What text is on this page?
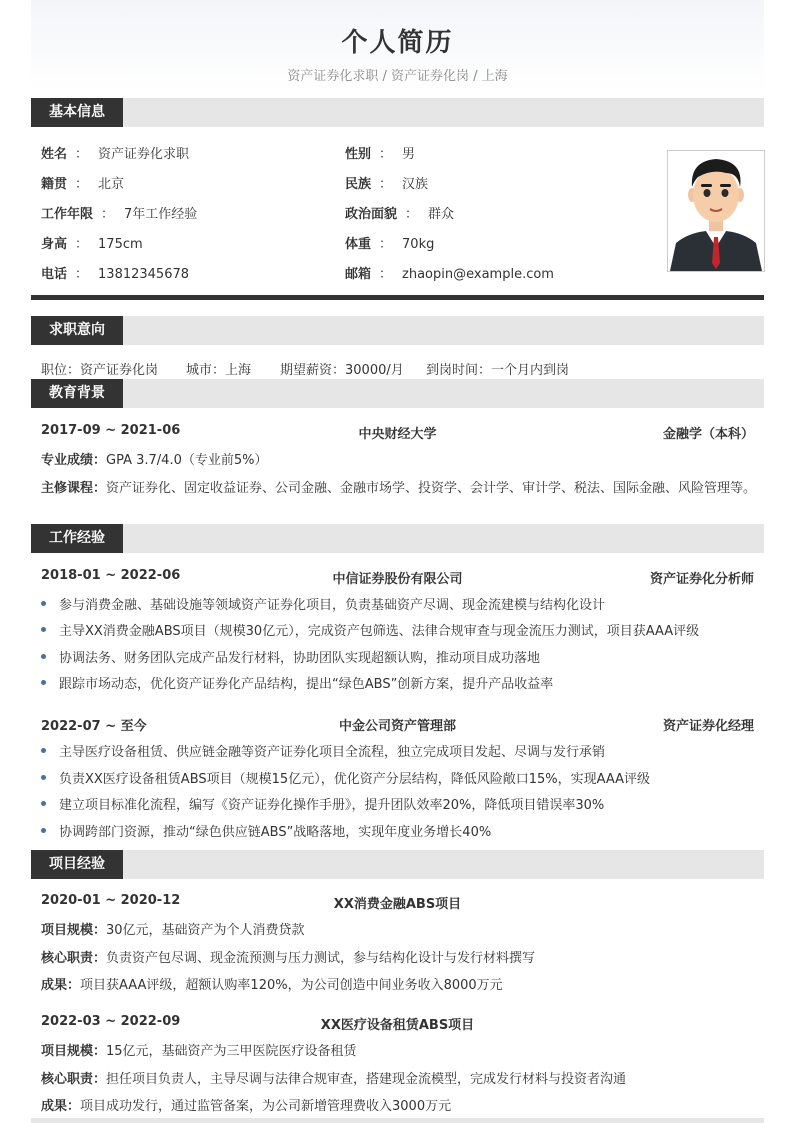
个人简历
资产证券化求职 / 资产证券化岗 / 上海
基本信息
姓名 ： 资产证券化求职	性别 ： 男
籍贯 ： 北京	民族 ： 汉族
工作年限 ： 7年工作经验	政治面貌 ： 群众
身高 ： 175cm	体重 ： 70kg
电话 ： 13812345678	邮箱 ： zhaopin@example.com
求职意向
职位：资产证券化岗 城市：上海 期望薪资：30000/月 到岗时间：一个月内到岗
教育背景
2017-09 ~ 2021-06	中央财经大学	金融学（本科）
专业成绩：GPA 3.7/4.0（专业前5%）
主修课程：资产证券化、固定收益证券、公司金融、金融市场学、投资学、会计学、审计学、税法、国际金融、风险管理等。
工作经验
2018-01 ~ 2022-06	中信证券股份有限公司	资产证券化分析师
参与消费金融、基础设施等领域资产证券化项目，负责基础资产尽调、现金流建模与结构化设计
主导XX消费金融ABS项目（规模30亿元），完成资产包筛选、法律合规审查与现金流压力测试，项目获AAA评级
协调法务、财务团队完成产品发行材料，协助团队实现超额认购，推动项目成功落地
跟踪市场动态，优化资产证券化产品结构，提出“绿色ABS”创新方案，提升产品收益率
2022-07 ~ 至今	中金公司资产管理部	资产证券化经理
主导医疗设备租赁、供应链金融等资产证券化项目全流程，独立完成项目发起、尽调与发行承销
负责XX医疗设备租赁ABS项目（规模15亿元），优化资产分层结构，降低风险敞口15%，实现AAA评级
建立项目标准化流程，编写《资产证券化操作手册》，提升团队效率20%，降低项目错误率30%
协调跨部门资源，推动“绿色供应链ABS”战略落地，实现年度业务增长40%
项目经验
2020-01 ~ 2020-12	XX消费金融ABS项目
项目规模：30亿元，基础资产为个人消费贷款
核心职责：负责资产包尽调、现金流预测与压力测试，参与结构化设计与发行材料撰写
成果：项目获AAA评级，超额认购率120%，为公司创造中间业务收入8000万元
2022-03 ~ 2022-09	XX医疗设备租赁ABS项目
项目规模：15亿元，基础资产为三甲医院医疗设备租赁
核心职责：担任项目负责人，主导尽调与法律合规审查，搭建现金流模型，完成发行材料与投资者沟通
成果：项目成功发行，通过监管备案，为公司新增管理费收入3000万元
